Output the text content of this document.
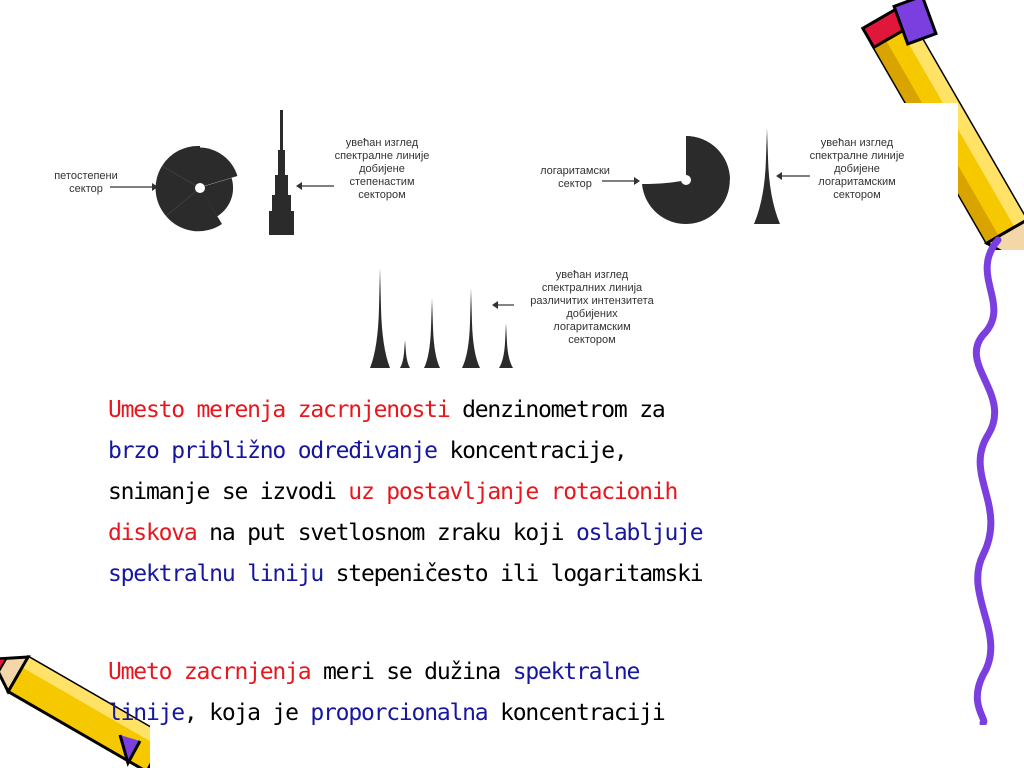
петостепени
сектор
увећан изглед
спектралне линије
добијене
степенастим
сектором
логаритамски
сектор
увећан изглед
спектралне линије
добијене
логаритамским
сектором
увећан изглед
спектралних линија
различитих интензитета
добијених
логаритамским
сектором
Umesto merenja zacrnjenosti denzinometrom za
brzo približno određivanje koncentracije,
snimanje se izvodi uz postavljanje rotacionih
diskova na put svetlosnom zraku koji oslabljuje
spektralnu liniju stepeničesto ili logaritamski
Umeto zacrnjenja meri se dužina spektralne
linije, koja je proporcionalna koncentraciji
